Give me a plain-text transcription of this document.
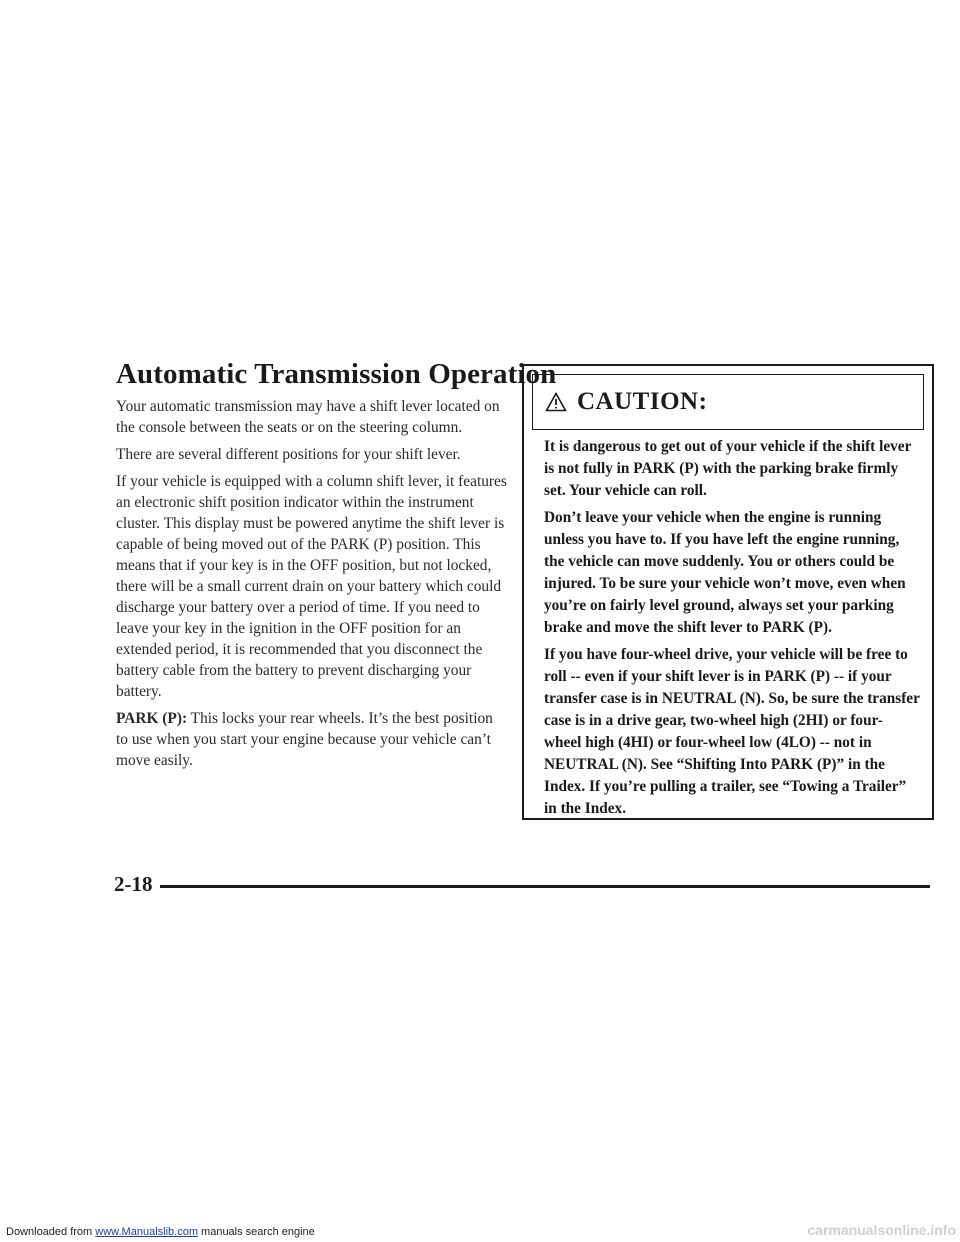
Automatic Transmission Operation

Your automatic transmission may have a shift lever located on the console between the seats or on the steering column.

There are several different positions for your shift lever.

If your vehicle is equipped with a column shift lever, it features an electronic shift position indicator within the instrument cluster. This display must be powered anytime the shift lever is capable of being moved out of the PARK (P) position. This means that if your key is in the OFF position, but not locked, there will be a small current drain on your battery which could discharge your battery over a period of time. If you need to leave your key in the ignition in the OFF position for an extended period, it is recommended that you disconnect the battery cable from the battery to prevent discharging your battery.

PARK (P): This locks your rear wheels. It’s the best position to use when you start your engine because your vehicle can’t move easily.

CAUTION:

It is dangerous to get out of your vehicle if the shift lever is not fully in PARK (P) with the parking brake firmly set. Your vehicle can roll.

Don’t leave your vehicle when the engine is running unless you have to. If you have left the engine running, the vehicle can move suddenly. You or others could be injured. To be sure your vehicle won’t move, even when you’re on fairly level ground, always set your parking brake and move the shift lever to PARK (P).

If you have four-wheel drive, your vehicle will be free to roll -- even if your shift lever is in PARK (P) -- if your transfer case is in NEUTRAL (N). So, be sure the transfer case is in a drive gear, two-wheel high (2HI) or four-wheel high (4HI) or four-wheel low (4LO) -- not in NEUTRAL (N). See “Shifting Into PARK (P)” in the Index. If you’re pulling a trailer, see “Towing a Trailer” in the Index.

2-18
Downloaded from www.Manualslib.com manuals search engine	carmanualsonline.info
